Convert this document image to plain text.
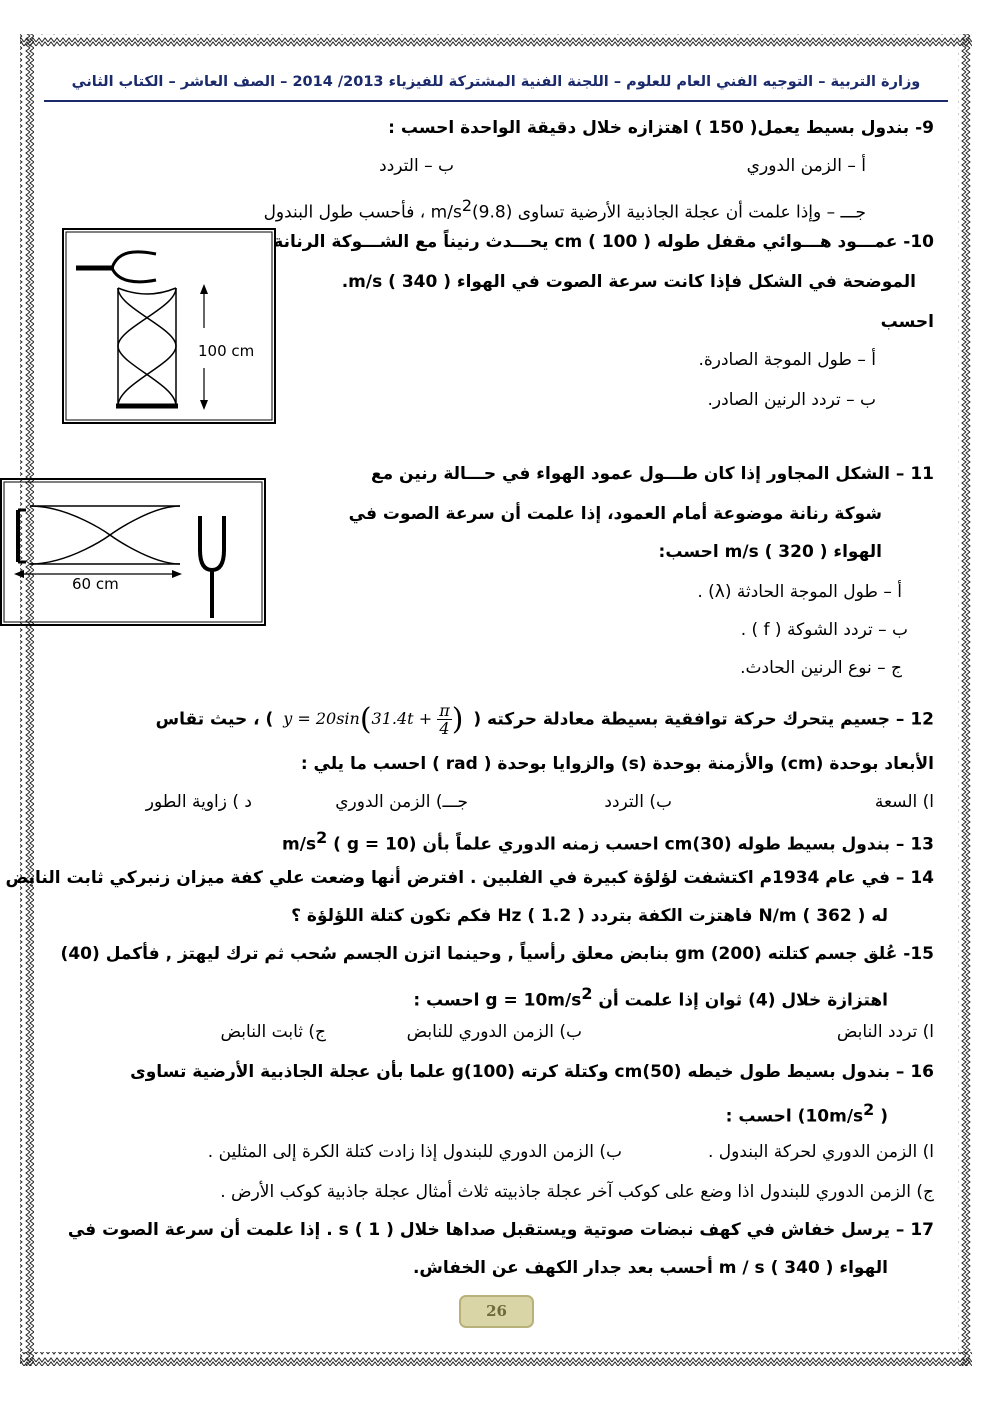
وزارة التربية – التوجيه الفني العام للعلوم – اللجنة الفنية المشتركة للفيزياء 2013/ 2014 – الصف العاشر – الكتاب الثاني
9- بندول بسيط يعمل( 150 ) اهتزازه خلال دقيقة الواحدة احسب :
أ – الزمن الدوري
ب – التردد
جـــ – وإذا علمت أن عجلة الجاذبية الأرضية تساوى $(9.8)m/s^2$ ، فأحسب طول البندول
100 cm
10- عمـــود هـــوائي مقفل طوله cm ( 100 ) يحـــدث رنيناً مع الشـــوكة الرنانة
الموضحة في الشكل فإذا كانت سرعة الصوت في الهواء m/s ( 340 ).
احسب
أ – طول الموجة الصادرة.
ب – تردد الرنين الصادر.
60 cm
11 – الشكل المجاور إذا كان طـــول عمود الهواء في حـــالة رنين مع
شوكة رنانة موضوعة أمام العمود، إذا علمت أن سرعة الصوت في
الهواء m/s ( 320 ) احسب:
أ – طول الموجة الحادثة (λ) .
ب – تردد الشوكة ( f ) .
ج – نوع الرنين الحادث.
12 – جسيم يتحرك حركة توافقية بسيطة معادلة حركته ( $y = 20\sin(31.4t + \frac{\pi}{4}$ ) ) ، حيث تقاس
الأبعاد بوحدة (cm) والأزمنة بوحدة (s) والزوايا بوحدة ( rad ) احسب ما يلي :
ا) السعة
ب) التردد
جـــ) الزمن الدوري
د ) زاوية الطور
13 – بندول بسيط طوله (30)cm احسب زمنه الدوري علماً بأن $m/s^2$ ( g = 10)
14 – في عام 1934م اكتشفت لؤلؤة كبيرة في الفلبين . افترض أنها وضعت علي كفة ميزان زنبركي ثابت النابض
له N/m ( 362 ) فاهتزت الكفة بتردد Hz ( 1.2 ) فكم تكون كتلة اللؤلؤة ؟
15- عُلق جسم كتلته gm (200) بنابض معلق رأسياً , وحينما اتزن الجسم سُحب ثم ترك ليهتز , فأكمل (40)
اهتزازة خلال (4) ثوان إذا علمت أن $g = 10m/s^2$ احسب :
ا) تردد النابض
ب) الزمن الدوري للنابض
ج) ثابت النابض
16 – بندول بسيط طول خيطه (50)cm وكتلة كرته g(100) علما بأن عجلة الجاذبية الأرضية تساوى
( $10m/s^2$) احسب :
ا) الزمن الدوري لحركة البندول .
ب) الزمن الدوري للبندول إذا زادت كتلة الكرة إلى المثلين .
ج) الزمن الدوري للبندول اذا وضع على كوكب آخر عجلة جاذبيته ثلاث أمثال عجلة جاذبية كوكب الأرض .
17 – يرسل خفاش في كهف نبضات صوتية ويستقبل صداها خلال s ( 1 ) . إذا علمت أن سرعة الصوت في
الهواء m / s ( 340 ) أحسب بعد جدار الكهف عن الخفاش.
26
